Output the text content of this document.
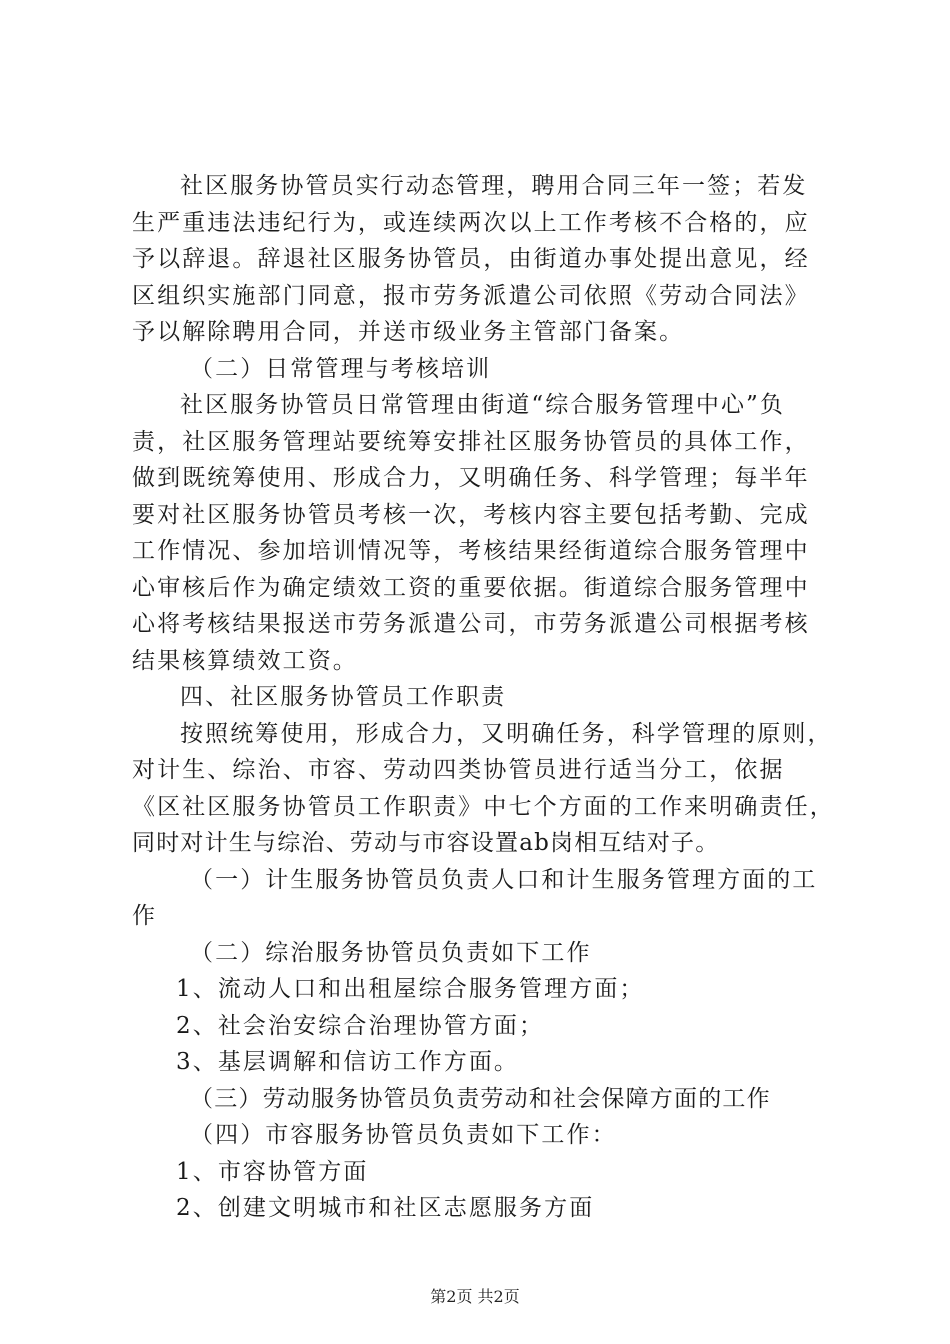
社区服务协管员实行动态管理，聘用合同三年一签；若发
生严重违法违纪行为，或连续两次以上工作考核不合格的，应
予以辞退。辞退社区服务协管员，由街道办事处提出意见，经
区组织实施部门同意，报市劳务派遣公司依照《劳动合同法》
予以解除聘用合同，并送市级业务主管部门备案。
（二）日常管理与考核培训
社区服务协管员日常管理由街道“综合服务管理中心”负
责，社区服务管理站要统筹安排社区服务协管员的具体工作，
做到既统筹使用、形成合力，又明确任务、科学管理；每半年
要对社区服务协管员考核一次，考核内容主要包括考勤、完成
工作情况、参加培训情况等，考核结果经街道综合服务管理中
心审核后作为确定绩效工资的重要依据。街道综合服务管理中
心将考核结果报送市劳务派遣公司，市劳务派遣公司根据考核
结果核算绩效工资。
四、社区服务协管员工作职责
按照统筹使用，形成合力，又明确任务，科学管理的原则，
对计生、综治、市容、劳动四类协管员进行适当分工，依据
《区社区服务协管员工作职责》中七个方面的工作来明确责任，
同时对计生与综治、劳动与市容设置ab岗相互结对子。
（一）计生服务协管员负责人口和计生服务管理方面的工
作
（二）综治服务协管员负责如下工作
1、流动人口和出租屋综合服务管理方面；
2、社会治安综合治理协管方面；
3、基层调解和信访工作方面。
（三）劳动服务协管员负责劳动和社会保障方面的工作
（四）市容服务协管员负责如下工作：
1、市容协管方面
2、创建文明城市和社区志愿服务方面
第2页 共2页
